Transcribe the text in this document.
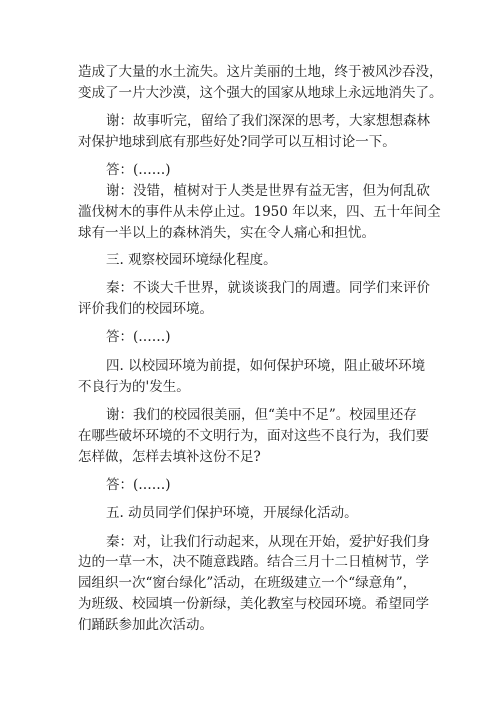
造成了大量的水土流失。这片美丽的土地，终于被风沙吞没，
变成了一片大沙漠，这个强大的国家从地球上永远地消失了。
谢：故事听完，留给了我们深深的思考，大家想想森林
对保护地球到底有那些好处?同学可以互相讨论一下。
答：(……)
谢：没错，植树对于人类是世界有益无害，但为何乱砍
滥伐树木的事件从未停止过。1950 年以来，四、五十年间全
球有一半以上的森林消失，实在令人痛心和担忧。
三. 观察校园环境绿化程度。
秦：不谈大千世界，就谈谈我门的周遭。同学们来评价
评价我们的校园环境。
答：(……)
四. 以校园环境为前提，如何保护环境，阻止破坏环境
不良行为的'发生。
谢：我们的校园很美丽，但“美中不足”。校园里还存
在哪些破坏环境的不文明行为，面对这些不良行为，我们要
怎样做，怎样去填补这份不足?
答：(……)
五. 动员同学们保护环境，开展绿化活动。
秦：对，让我们行动起来，从现在开始，爱护好我们身
边的一草一木，决不随意践踏。结合三月十二日植树节，学
园组织一次“窗台绿化”活动，在班级建立一个“绿意角”，
为班级、校园填一份新绿，美化教室与校园环境。希望同学
们踊跃参加此次活动。
